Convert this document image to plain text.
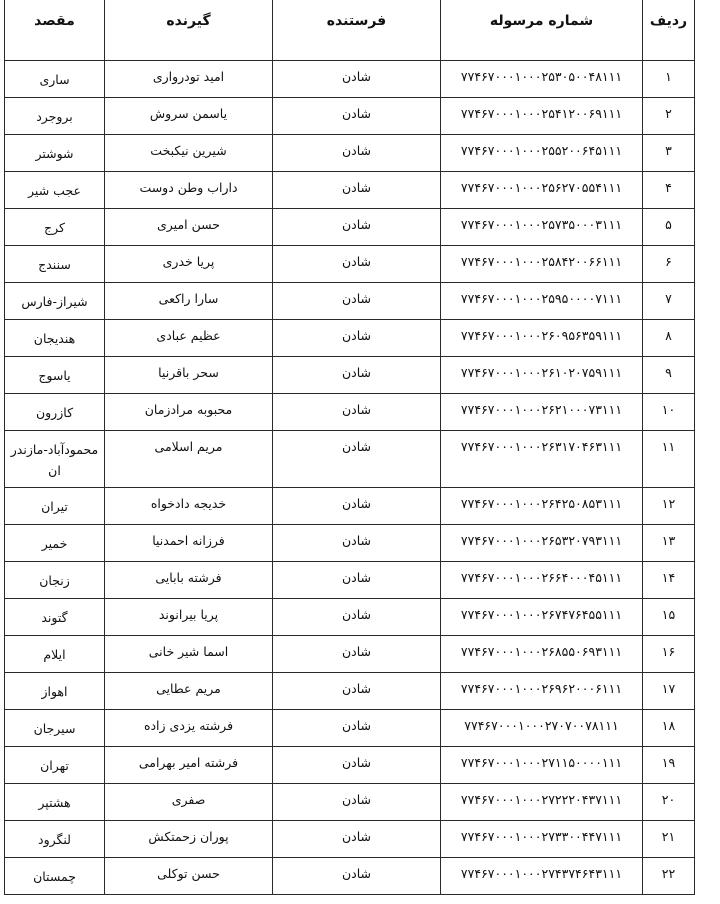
ردیف	شماره مرسوله	فرستنده	گیرنده	مقصد
۱	۷۷۴۶۷۰۰۰۱۰۰۰۲۵۳۰۵۰۰۴۸۱۱۱	شادن	امید تودرواری	ساری
۲	۷۷۴۶۷۰۰۰۱۰۰۰۲۵۴۱۲۰۰۶۹۱۱۱	شادن	یاسمن سروش	بروجرد
۳	۷۷۴۶۷۰۰۰۱۰۰۰۲۵۵۲۰۰۶۴۵۱۱۱	شادن	شیرین نیکبخت	شوشتر
۴	۷۷۴۶۷۰۰۰۱۰۰۰۲۵۶۲۷۰۵۵۴۱۱۱	شادن	داراب وطن دوست	عجب شیر
۵	۷۷۴۶۷۰۰۰۱۰۰۰۲۵۷۳۵۰۰۰۳۱۱۱	شادن	حسن امیری	کرج
۶	۷۷۴۶۷۰۰۰۱۰۰۰۲۵۸۴۲۰۰۶۶۱۱۱	شادن	پریا خدری	سنندج
۷	۷۷۴۶۷۰۰۰۱۰۰۰۲۵۹۵۰۰۰۰۷۱۱۱	شادن	سارا راکعی	شیراز-فارس
۸	۷۷۴۶۷۰۰۰۱۰۰۰۲۶۰۹۵۶۳۵۹۱۱۱	شادن	عظیم عبادی	هندیجان
۹	۷۷۴۶۷۰۰۰۱۰۰۰۲۶۱۰۲۰۷۵۹۱۱۱	شادن	سحر باقرنیا	یاسوج
۱۰	۷۷۴۶۷۰۰۰۱۰۰۰۲۶۲۱۰۰۰۷۳۱۱۱	شادن	محبوبه مرادزمان	کازرون
۱۱	۷۷۴۶۷۰۰۰۱۰۰۰۲۶۳۱۷۰۴۶۳۱۱۱	شادن	مریم اسلامی	محمودآباد-مازندر
ان

۱۲	۷۷۴۶۷۰۰۰۱۰۰۰۲۶۴۲۵۰۸۵۳۱۱۱	شادن	خدیجه دادخواه	تیران
۱۳	۷۷۴۶۷۰۰۰۱۰۰۰۲۶۵۳۲۰۷۹۳۱۱۱	شادن	فرزانه احمدنیا	خمیر
۱۴	۷۷۴۶۷۰۰۰۱۰۰۰۲۶۶۴۰۰۰۴۵۱۱۱	شادن	فرشته بابایی	زنجان
۱۵	۷۷۴۶۷۰۰۰۱۰۰۰۲۶۷۴۷۶۴۵۵۱۱۱	شادن	پریا بیرانوند	گتوند
۱۶	۷۷۴۶۷۰۰۰۱۰۰۰۲۶۸۵۵۰۶۹۳۱۱۱	شادن	اسما شیر خانی	ایلام
۱۷	۷۷۴۶۷۰۰۰۱۰۰۰۲۶۹۶۲۰۰۰۶۱۱۱	شادن	مریم عطایی	اهواز
۱۸	۷۷۴۶۷۰۰۰۱۰۰۰۲۷۰۷۰۰۷۸۱۱۱	شادن	فرشته یزدی زاده	سیرجان
۱۹	۷۷۴۶۷۰۰۰۱۰۰۰۲۷۱۱۵۰۰۰۰۱۱۱	شادن	فرشته امیر بهرامی	تهران
۲۰	۷۷۴۶۷۰۰۰۱۰۰۰۲۷۲۲۲۰۴۳۷۱۱۱	شادن	صفری	هشتپر
۲۱	۷۷۴۶۷۰۰۰۱۰۰۰۲۷۳۳۰۰۴۴۷۱۱۱	شادن	پوران زحمتکش	لنگرود
۲۲	۷۷۴۶۷۰۰۰۱۰۰۰۲۷۴۳۷۴۶۴۳۱۱۱	شادن	حسن توکلی	چمستان
